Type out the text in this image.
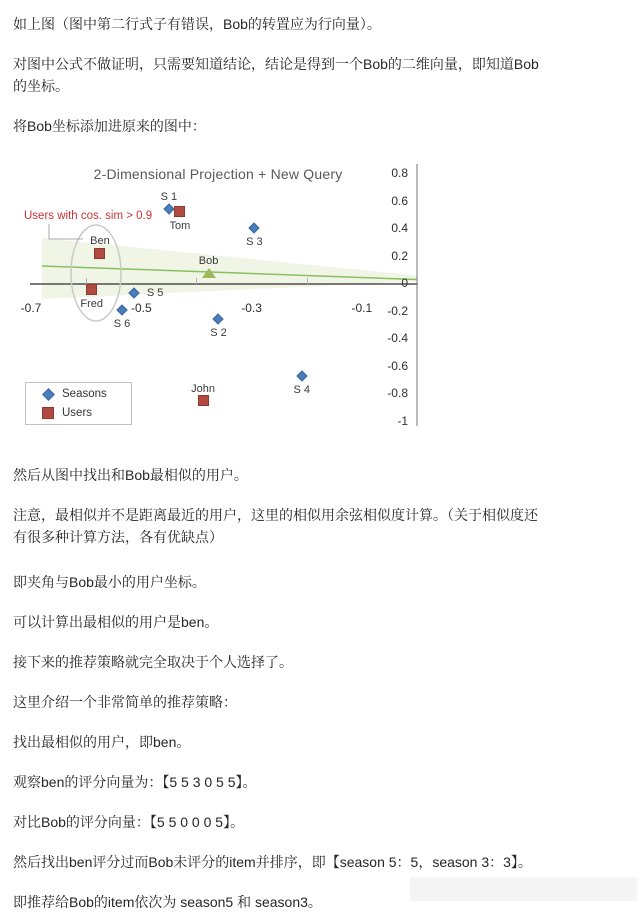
如上图（图中第二行式子有错误，Bob的转置应为行向量）。

对图中公式不做证明，只需要知道结论，结论是得到一个Bob的二维向量，即知道Bob
的坐标。

将Bob坐标添加进原来的图中：

2-Dimensional Projection + New Query
Users with cos. sim > 0.9
0.8
0.6
0.4
0.2
0
-0.2
-0.4
-0.6
-0.8
-1
-0.7	-0.5	-0.3	-0.1
S 1
S 3
S 5
S 6
S 2
S 4
Tom
Ben
Fred
John
Bob
Seasons
Users

然后从图中找出和Bob最相似的用户。

注意，最相似并不是距离最近的用户，这里的相似用余弦相似度计算。（关于相似度还
有很多种计算方法，各有优缺点）

即夹角与Bob最小的用户坐标。

可以计算出最相似的用户是ben。

接下来的推荐策略就完全取决于个人选择了。

这里介绍一个非常简单的推荐策略：

找出最相似的用户，即ben。

观察ben的评分向量为：【5 5 3 0 5 5】。

对比Bob的评分向量：【5 5 0 0 0 5】。

然后找出ben评分过而Bob未评分的item并排序，即【season 5：5，season 3：3】。

即推荐给Bob的item依次为 season5 和 season3。
